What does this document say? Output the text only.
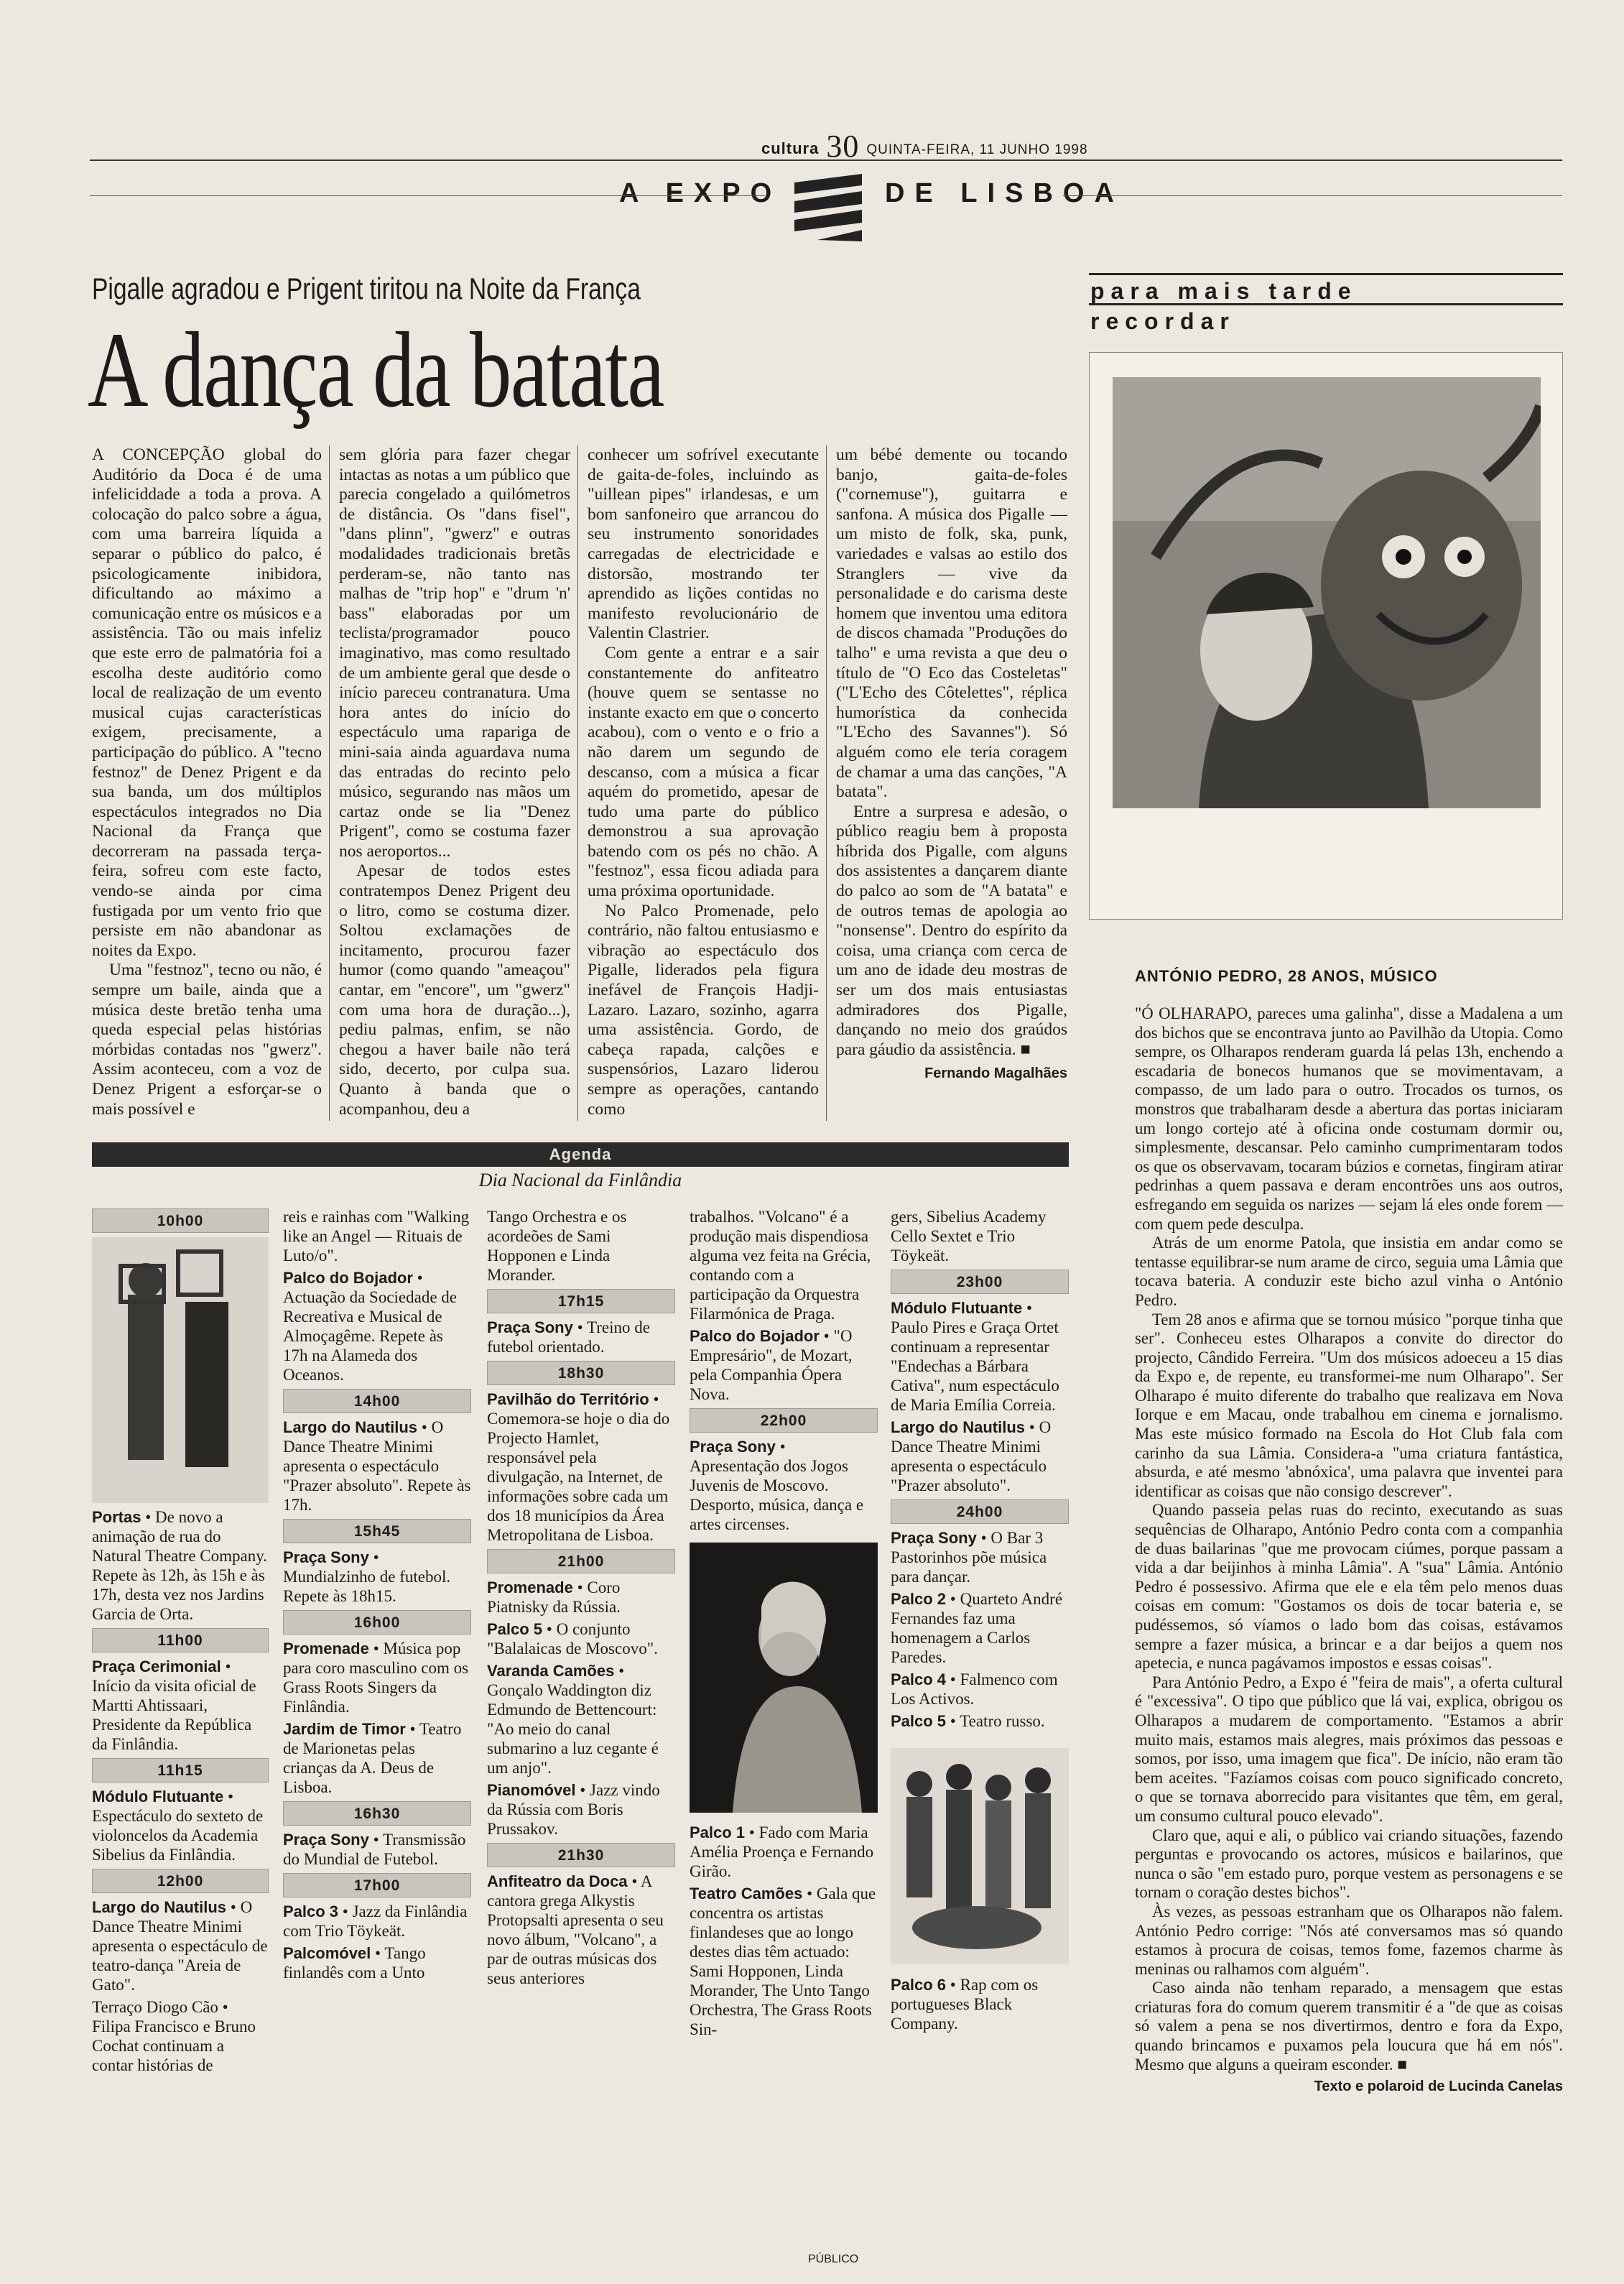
cultura 30 QUINTA-FEIRA, 11 JUNHO 1998
A EXPO	DE LISBOA
Pigalle agradou e Prigent tiritou na Noite da França
A dança da batata

A CONCEPÇÃO global do Auditório da Doca é de uma infeliciddade a toda a prova. A colocação do palco sobre a água, com uma barreira líquida a separar o público do palco, é psicologicamente inibidora, dificultando ao máximo a comunicação entre os músicos e a assistência. Tão ou mais infeliz que este erro de palmatória foi a escolha deste auditório como local de realização de um evento musical cujas características exigem, precisamente, a participação do público. A "tecno festnoz" de Denez Prigent e da sua banda, um dos múltiplos espectáculos integrados no Dia Nacional da França que decorreram na passada terça-feira, sofreu com este facto, vendo-se ainda por cima fustigada por um vento frio que persiste em não abandonar as noites da Expo.

Uma "festnoz", tecno ou não, é sempre um baile, ainda que a música deste bretão tenha uma queda especial pelas histórias mórbidas contadas nos "gwerz". Assim aconteceu, com a voz de Denez Prigent a esforçar-se o mais possível e

sem glória para fazer chegar intactas as notas a um público que parecia congelado a quilómetros de distância. Os "dans fisel", "dans plinn", "gwerz" e outras modalidades tradicionais bretãs perderam-se, não tanto nas malhas de "trip hop" e "drum 'n' bass" elaboradas por um teclista/programador pouco imaginativo, mas como resultado de um ambiente geral que desde o início pareceu contranatura. Uma hora antes do início do espectáculo uma rapariga de mini-saia ainda aguardava numa das entradas do recinto pelo músico, segurando nas mãos um cartaz onde se lia "Denez Prigent", como se costuma fazer nos aeroportos...

Apesar de todos estes contratempos Denez Prigent deu o litro, como se costuma dizer. Soltou exclamações de incitamento, procurou fazer humor (como quando "ameaçou" cantar, em "encore", um "gwerz" com uma hora de duração...), pediu palmas, enfim, se não chegou a haver baile não terá sido, decerto, por culpa sua. Quanto à banda que o acompanhou, deu a

conhecer um sofrível executante de gaita-de-foles, incluindo as "uillean pipes" irlandesas, e um bom sanfoneiro que arrancou do seu instrumento sonoridades carregadas de electricidade e distorsão, mostrando ter aprendido as lições contidas no manifesto revolucionário de Valentin Clastrier.

Com gente a entrar e a sair constantemente do anfiteatro (houve quem se sentasse no instante exacto em que o concerto acabou), com o vento e o frio a não darem um segundo de descanso, com a música a ficar aquém do prometido, apesar de tudo uma parte do público demonstrou a sua aprovação batendo com os pés no chão. A "festnoz", essa ficou adiada para uma próxima oportunidade.

No Palco Promenade, pelo contrário, não faltou entusiasmo e vibração ao espectáculo dos Pigalle, liderados pela figura inefável de François Hadji-Lazaro. Lazaro, sozinho, agarra uma assistência. Gordo, de cabeça rapada, calções e suspensórios, Lazaro liderou sempre as operações, cantando como

um bébé demente ou tocando banjo, gaita-de-foles ("cornemuse"), guitarra e sanfona. A música dos Pigalle — um misto de folk, ska, punk, variedades e valsas ao estilo dos Stranglers — vive da personalidade e do carisma deste homem que inventou uma editora de discos chamada "Produções do talho" e uma revista a que deu o título de "O Eco das Costeletas" ("L'Echo des Côtelettes", réplica humorística da conhecida "L'Echo des Savannes"). Só alguém como ele teria coragem de chamar a uma das canções, "A batata".

Entre a surpresa e adesão, o público reagiu bem à proposta híbrida dos Pigalle, com alguns dos assistentes a dançarem diante do palco ao som de "A batata" e de outros temas de apologia ao "nonsense". Dentro do espírito da coisa, uma criança com cerca de um ano de idade deu mostras de ser um dos mais entusiastas admiradores dos Pigalle, dançando no meio dos graúdos para gáudio da assistência. ■

Fernando Magalhães
para mais tarde
recordar
ANTÓNIO PEDRO, 28 ANOS, MÚSICO

"Ó OLHARAPO, pareces uma galinha", disse a Madalena a um dos bichos que se encontrava junto ao Pavilhão da Utopia. Como sempre, os Olharapos renderam guarda lá pelas 13h, enchendo a escadaria de bonecos humanos que se movimentavam, a compasso, de um lado para o outro. Trocados os turnos, os monstros que trabalharam desde a abertura das portas iniciaram um longo cortejo até à oficina onde costumam dormir ou, simplesmente, descansar. Pelo caminho cumprimentaram todos os que os observavam, tocaram búzios e cornetas, fingiram atirar pedrinhas a quem passava e deram encontrões uns aos outros, esfregando em seguida os narizes — sejam lá eles onde forem — com quem pede desculpa.

Atrás de um enorme Patola, que insistia em andar como se tentasse equilibrar-se num arame de circo, seguia uma Lâmia que tocava bateria. A conduzir este bicho azul vinha o António Pedro.

Tem 28 anos e afirma que se tornou músico "porque tinha que ser". Conheceu estes Olharapos a convite do director do projecto, Cândido Ferreira. "Um dos músicos adoeceu a 15 dias da Expo e, de repente, eu transformei-me num Olharapo". Ser Olharapo é muito diferente do trabalho que realizava em Nova Iorque e em Macau, onde trabalhou em cinema e jornalismo. Mas este músico formado na Escola do Hot Club fala com carinho da sua Lâmia. Considera-a "uma criatura fantástica, absurda, e até mesmo 'abnóxica', uma palavra que inventei para identificar as coisas que não consigo descrever".

Quando passeia pelas ruas do recinto, executando as suas sequências de Olharapo, António Pedro conta com a companhia de duas bailarinas "que me provocam ciúmes, porque passam a vida a dar beijinhos à minha Lâmia". A "sua" Lâmia. António Pedro é possessivo. Afirma que ele e ela têm pelo menos duas coisas em comum: "Gostamos os dois de tocar bateria e, se pudéssemos, só víamos o lado bom das coisas, estávamos sempre a fazer música, a brincar e a dar beijos a quem nos apetecia, e nunca pagávamos impostos e essas coisas".

Para António Pedro, a Expo é "feira de mais", a oferta cultural é "excessiva". O tipo que público que lá vai, explica, obrigou os Olharapos a mudarem de comportamento. "Estamos a abrir muito mais, estamos mais alegres, mais próximos das pessoas e somos, por isso, uma imagem que fica". De início, não eram tão bem aceites. "Fazíamos coisas com pouco significado concreto, o que se tornava aborrecido para visitantes que têm, em geral, um consumo cultural pouco elevado".

Claro que, aqui e ali, o público vai criando situações, fazendo perguntas e provocando os actores, músicos e bailarinos, que nunca o são "em estado puro, porque vestem as personagens e se tornam o coração destes bichos".

Às vezes, as pessoas estranham que os Olharapos não falem. António Pedro corrige: "Nós até conversamos mas só quando estamos à procura de coisas, temos fome, fazemos charme às meninas ou ralhamos com alguém".

Caso ainda não tenham reparado, a mensagem que estas criaturas fora do comum querem transmitir é a "de que as coisas só valem a pena se nos divertirmos, dentro e fora da Expo, quando brincamos e puxamos pela loucura que há em nós". Mesmo que alguns a queiram esconder. ■

Texto e polaroid de Lucinda Canelas
Agenda
Dia Nacional da Finlândia
10h00
Portas • De novo a animação de rua do Natural Theatre Company. Repete às 12h, às 15h e às 17h, desta vez nos Jardins Garcia de Orta.
11h00
Praça Cerimonial • Início da visita oficial de Martti Ahtissaari, Presidente da República da Finlândia.
11h15
Módulo Flutuante • Espectáculo do sexteto de violoncelos da Academia Sibelius da Finlândia.
12h00
Largo do Nautilus • O Dance Theatre Minimi apresenta o espectáculo de teatro-dança "Areia de Gato".
Terraço Diogo Cão • Filipa Francisco e Bruno Cochat continuam a contar histórias de
reis e rainhas com "Walking like an Angel — Rituais de Luto/o".
Palco do Bojador • Actuação da Sociedade de Recreativa e Musical de Almoçagême. Repete às 17h na Alameda dos Oceanos.
14h00
Largo do Nautilus • O Dance Theatre Minimi apresenta o espectáculo "Prazer absoluto". Repete às 17h.
15h45
Praça Sony • Mundialzinho de futebol. Repete às 18h15.
16h00
Promenade • Música pop para coro masculino com os Grass Roots Singers da Finlândia.
Jardim de Timor • Teatro de Marionetas pelas crianças da A. Deus de Lisboa.
16h30
Praça Sony • Transmissão do Mundial de Futebol.
17h00
Palco 3 • Jazz da Finlândia com Trio Töykeät.
Palcomóvel • Tango finlandês com a Unto
Tango Orchestra e os acordeões de Sami Hopponen e Linda Morander.
17h15
Praça Sony • Treino de futebol orientado.
18h30
Pavilhão do Território • Comemora-se hoje o dia do Projecto Hamlet, responsável pela divulgação, na Internet, de informações sobre cada um dos 18 municípios da Área Metropolitana de Lisboa.
21h00
Promenade • Coro Piatnisky da Rússia.
Palco 5 • O conjunto "Balalaicas de Moscovo".
Varanda Camões • Gonçalo Waddington diz Edmundo de Bettencourt: "Ao meio do canal submarino a luz cegante é um anjo".
Pianomóvel • Jazz vindo da Rússia com Boris Prussakov.
21h30
Anfiteatro da Doca • A cantora grega Alkystis Protopsalti apresenta o seu novo álbum, "Volcano", a par de outras músicas dos seus anteriores
trabalhos. "Volcano" é a produção mais dispendiosa alguma vez feita na Grécia, contando com a participação da Orquestra Filarmónica de Praga.
Palco do Bojador • "O Empresário", de Mozart, pela Companhia Ópera Nova.
22h00
Praça Sony • Apresentação dos Jogos Juvenis de Moscovo. Desporto, música, dança e artes circenses.
Palco 1 • Fado com Maria Amélia Proença e Fernando Girão.
Teatro Camões • Gala que concentra os artistas finlandeses que ao longo destes dias têm actuado: Sami Hopponen, Linda Morander, The Unto Tango Orchestra, The Grass Roots Sin-
gers, Sibelius Academy Cello Sextet e Trio Töykeät.
23h00
Módulo Flutuante • Paulo Pires e Graça Ortet continuam a representar "Endechas a Bárbara Cativa", num espectáculo de Maria Emília Correia.
Largo do Nautilus • O Dance Theatre Minimi apresenta o espectáculo "Prazer absoluto".
24h00
Praça Sony • O Bar 3 Pastorinhos põe música para dançar.
Palco 2 • Quarteto André Fernandes faz uma homenagem a Carlos Paredes.
Palco 4 • Falmenco com Los Activos.
Palco 5 • Teatro russo.
Palco 6 • Rap com os portugueses Black Company.
PÚBLICO
